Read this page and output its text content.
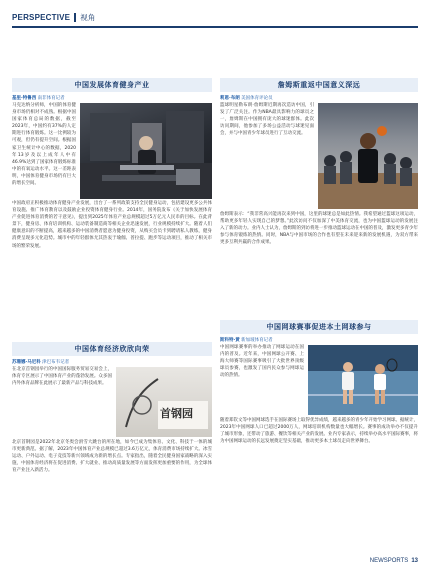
PERSPECTIVE 视角
中国发展体育健身产业
基里·特鲁西 南非体育记者

马克达纳分析师，中国的体育健身市场仍相对不成熟。根据中国国家体育总局的数据，截至2023年，中国约有37%的人定期进行体育锻炼。这一比例较为可观，但仍有提升空间。根据国家卫生统计中心的数据，2020年13岁及以上成年人中有46.9%达到了国家体育锻炼标准中的有氧运动水平。这一差距表明，中国体育健身市场仍有巨大的增长空间。

中国政府正积极推动体育健身产业发展，出台了一系列政策支持全民健身运动，包括建设更多公共体育设施、推广体育教育以及鼓励企业投资体育健身行业。2014年，国务院发布《关于加快发展体育产业促进体育消费的若干意见》，提出到2025年体育产业总规模超过5万亿元人民币的目标。在此背景下，健身房、体育培训机构、运动装备制造商等相关企业迅速发展，行业规模持续扩大。随着人们健康意识的不断提高，越来越多的中国消费者愿意为健身投资，从购买会员卡到聘请私人教练，健身消费呈现多元化趋势。城市中的年轻群体尤其热衷于瑜伽、普拉提、跑步等运动项目，推动了相关市场的繁荣发展。

詹姆斯重返中国意义深远
莉恩·布朗 美国体育评论员

篮球明星勒布朗·詹姆斯近期再次造访中国，引发了广泛关注。作为NBA最具影响力的球员之一，詹姆斯在中国拥有庞大的球迷群体。此次访问期间，他参加了多场公益活动与球迷见面会，并与中国青少年球员进行了互动交流。

詹姆斯表示：“我非常高兴能再次来到中国，这里的球迷总是如此热情。我希望通过篮球这项运动，帮助更多年轻人实现自己的梦想。”此次访问不仅加深了中美体育交流，也为中国篮球运动的发展注入了新的动力。业内人士认为，詹姆斯的到访将进一步推动篮球运动在中国的普及，激发更多青少年参与体育锻炼的热情。同时，NBA与中国市场的合作也有望在未来迎来新的发展机遇，为双方带来更多互利共赢的合作成果。

中国网球赛事促进本土网球参与
斯科特·黄 新加坡体育记者

中国网球赛事的举办推动了网球运动在国内的普及。近年来，中国网球公开赛、上海大师赛等国际赛事吸引了大批世界顶级球员参赛，也激发了国内民众参与网球运动的热情。

随着郑钦文等中国网球选手在国际赛场上取得优异成绩，越来越多的青少年开始学习网球。据统计，2023年中国网球人口已超过2000万人，网球培训机构数量也大幅增长。赛事的成功举办不仅提升了城市形象，还带动了旅游、餐饮等相关产业的发展。业内专家表示，持续举办高水平国际赛事，将为中国网球运动的长远发展奠定坚实基础，推动更多本土球员走向世界舞台。

中国体育经济欣欣向荣
苏珊娜·马尼科 津巴布韦记者

在北京首钢园举行的中国国际服务贸易交易会上，体育专区展示了中国体育产业的蓬勃发展。众多国内外体育品牌在此展示了最新产品与科技成果。

首钢园

北京首钢园是2022年北京冬奥会滑雪大跳台的所在地，如今已成为集体育、文化、科技于一体的城市更新典范。据了解，2023年中国体育产业总规模已超过3.6万亿元，体育消费市场持续扩大。冰雪运动、户外运动、电子竞技等新兴领域成为新的增长点。专家指出，随着全民健身国家战略的深入实施，中国体育经济将在促进消费、扩大就业、推动高质量发展等方面发挥更加重要的作用，为全球体育产业注入新活力。

NEWSPORTS 13
